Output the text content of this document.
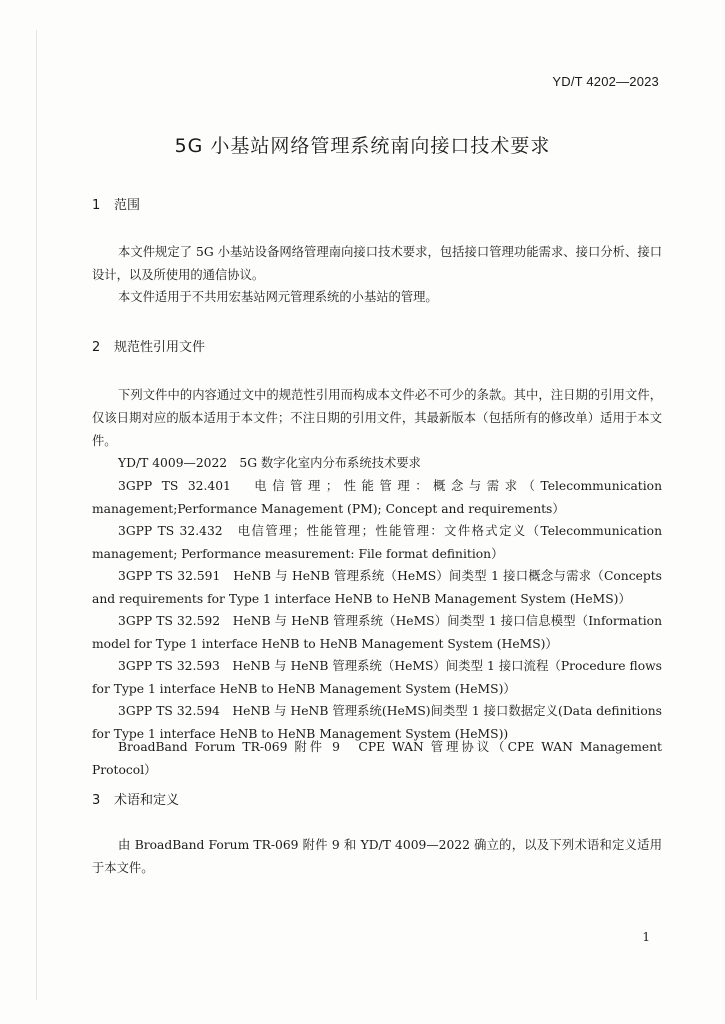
YD/T 4202—2023
5G 小基站网络管理系统南向接口技术要求
1 范围
本文件规定了 5G 小基站设备网络管理南向接口技术要求，包括接口管理功能需求、接口分析、接口设计，以及所使用的通信协议。
本文件适用于不共用宏基站网元管理系统的小基站的管理。
2 规范性引用文件
下列文件中的内容通过文中的规范性引用而构成本文件必不可少的条款。其中，注日期的引用文件，仅该日期对应的版本适用于本文件；不注日期的引用文件，其最新版本（包括所有的修改单）适用于本文件。
YD/T 4009—2022　5G 数字化室内分布系统技术要求
3GPP TS 32.401　电信管理；性能管理：概念与需求（Telecommunication management;Performance Management (PM); Concept and requirements）
3GPP TS 32.432　电信管理；性能管理；性能管理：文件格式定义（Telecommunication management; Performance measurement: File format definition）
3GPP TS 32.591　HeNB 与 HeNB 管理系统（HeMS）间类型 1 接口概念与需求（Concepts and requirements for Type 1 interface HeNB to HeNB Management System (HeMS)）
3GPP TS 32.592　HeNB 与 HeNB 管理系统（HeMS）间类型 1 接口信息模型（Information model for Type 1 interface HeNB to HeNB Management System (HeMS)）
3GPP TS 32.593　HeNB 与 HeNB 管理系统（HeMS）间类型 1 接口流程（Procedure flows for Type 1 interface HeNB to HeNB Management System (HeMS)）
3GPP TS 32.594　HeNB 与 HeNB 管理系统(HeMS)间类型 1 接口数据定义(Data definitions for Type 1 interface HeNB to HeNB Management System (HeMS))
BroadBand Forum TR-069 附件 9　CPE WAN 管理协议（CPE WAN Management Protocol）
3 术语和定义
由 BroadBand Forum TR-069 附件 9 和 YD/T 4009—2022 确立的，以及下列术语和定义适用于本文件。
1
